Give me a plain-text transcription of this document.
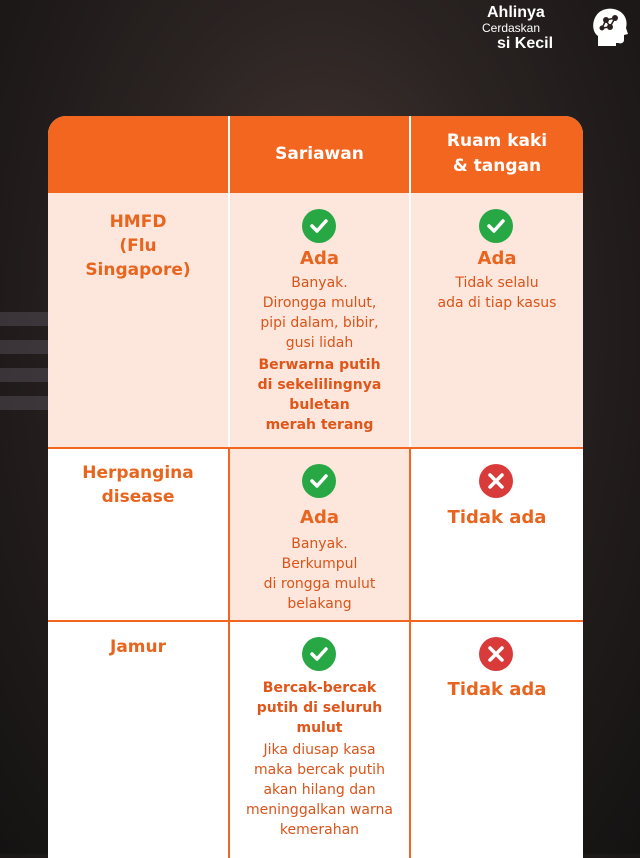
Ahlinya
Cerdaskan
si Kecil
Sariawan
Ruam kaki
& tangan
HMFD
(Flu
Singapore)
Ada
Banyak.
Dirongga mulut,
pipi dalam, bibir,
gusi lidah
Berwarna putih
di sekelilingnya
buletan
merah terang
Ada
Tidak selalu
ada di tiap kasus
Herpangina
disease
Ada
Banyak.
Berkumpul
di rongga mulut
belakang
Tidak ada
Jamur
Bercak-bercak
putih di seluruh
mulut
Jika diusap kasa
maka bercak putih
akan hilang dan
meninggalkan warna
kemerahan
Tidak ada
